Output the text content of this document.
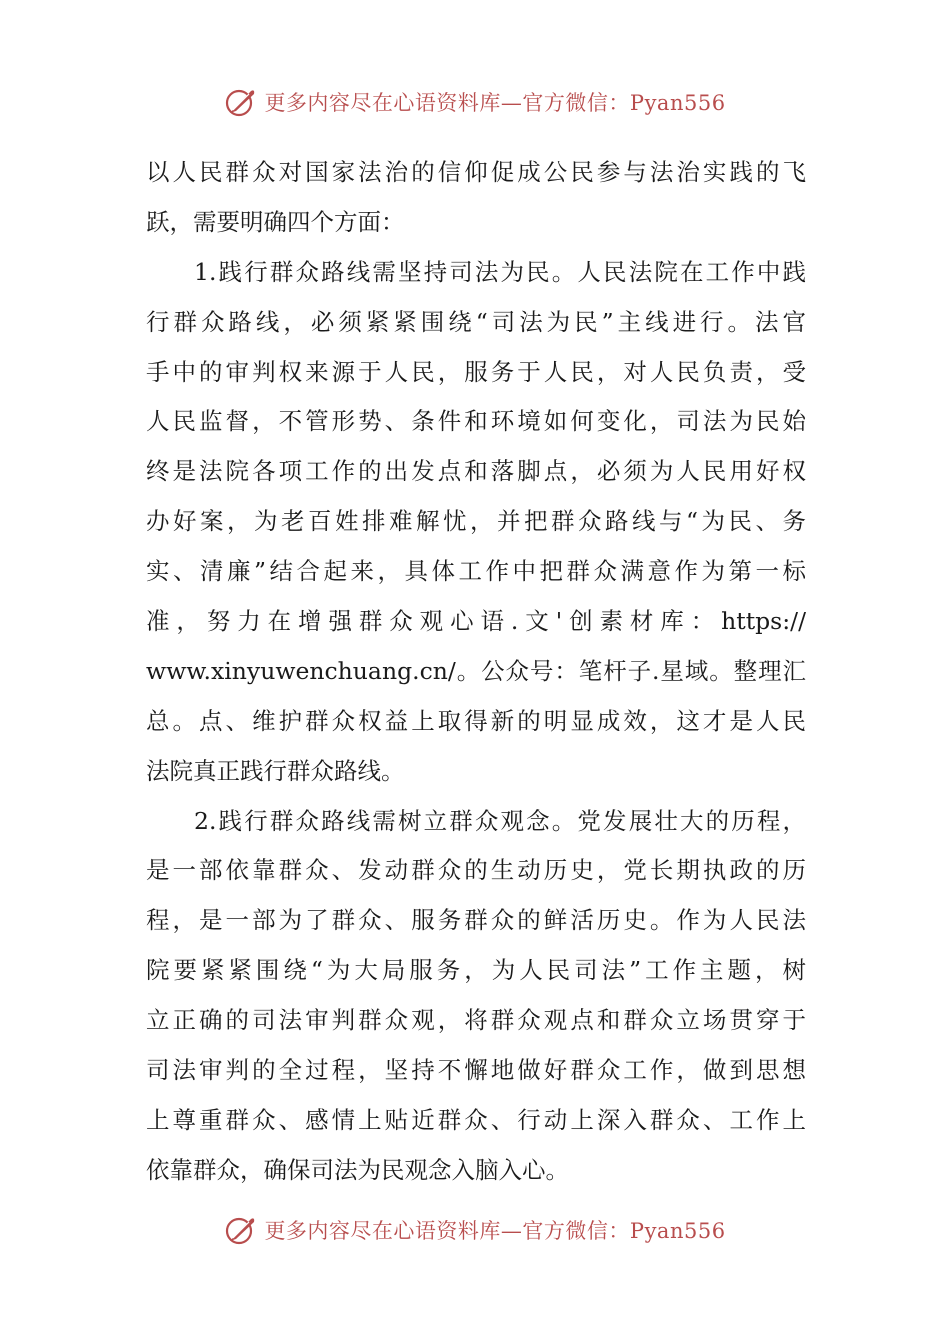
更多内容尽在心语资料库—官方微信：Pyan556
以人民群众对国家法治的信仰促成公民参与法治实践的飞
跃，需要明确四个方面：
1.践行群众路线需坚持司法为民。人民法院在工作中践
行群众路线，必须紧紧围绕“司法为民”主线进行。法官
手中的审判权来源于人民，服务于人民，对人民负责，受
人民监督，不管形势、条件和环境如何变化，司法为民始
终是法院各项工作的出发点和落脚点，必须为人民用好权
办好案，为老百姓排难解忧，并把群众路线与“为民、务
实、清廉”结合起来，具体工作中把群众满意作为第一标
准，努力在增强群众观心语.文'创素材库：https://
www.xinyuwenchuang.cn/。公众号：笔杆子.星域。整理汇
总。点、维护群众权益上取得新的明显成效，这才是人民
法院真正践行群众路线。
2.践行群众路线需树立群众观念。党发展壮大的历程，
是一部依靠群众、发动群众的生动历史，党长期执政的历
程，是一部为了群众、服务群众的鲜活历史。作为人民法
院要紧紧围绕“为大局服务，为人民司法”工作主题，树
立正确的司法审判群众观，将群众观点和群众立场贯穿于
司法审判的全过程，坚持不懈地做好群众工作，做到思想
上尊重群众、感情上贴近群众、行动上深入群众、工作上
依靠群众，确保司法为民观念入脑入心。
更多内容尽在心语资料库—官方微信：Pyan556
